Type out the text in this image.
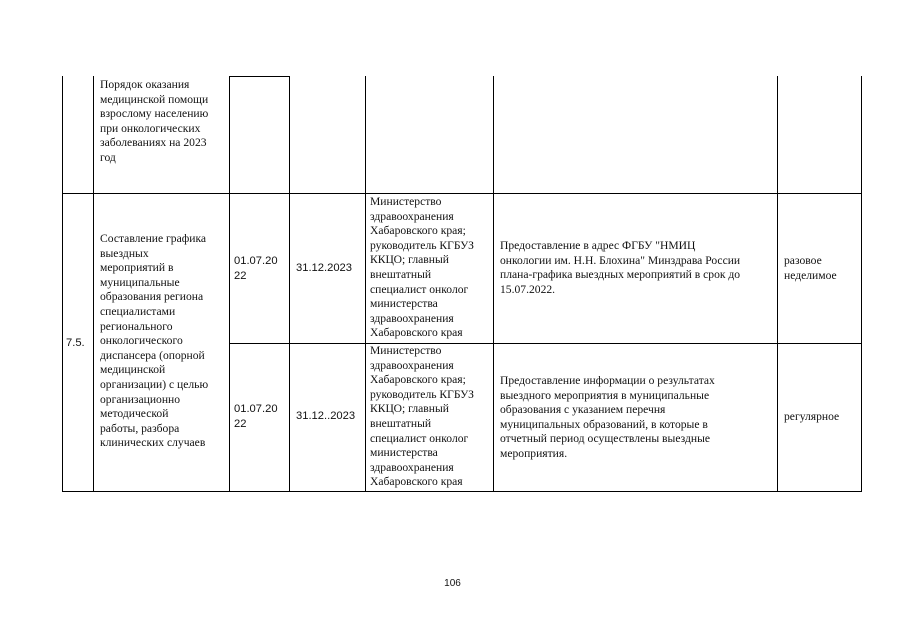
Порядок оказания
медицинской помощи
взрослому населению
при онкологических
заболеваниях на 2023
год
7.5.
Составление графика
выездных
мероприятий в
муниципальные
образования региона
специалистами
регионального
онкологического
диспансера (опорной
медицинской
организации) с целью
организационно
методической
работы, разбора
клинических случаев
01.07.20
22
31.12.2023
Министерство
здравоохранения
Хабаровского края;
руководитель КГБУЗ
ККЦО; главный
внештатный
специалист онколог
министерства
здравоохранения
Хабаровского края
Предоставление в адрес ФГБУ "НМИЦ
онкологии им. Н.Н. Блохина" Минздрава России
плана-графика выездных мероприятий в срок до
15.07.2022.
разовое
неделимое
01.07.20
22
31.12..2023
Министерство
здравоохранения
Хабаровского края;
руководитель КГБУЗ
ККЦО; главный
внештатный
специалист онколог
министерства
здравоохранения
Хабаровского края
Предоставление информации о результатах
выездного мероприятия в муниципальные
образования с указанием перечня
муниципальных образований, в которые в
отчетный период осуществлены выездные
мероприятия.
регулярное
106
